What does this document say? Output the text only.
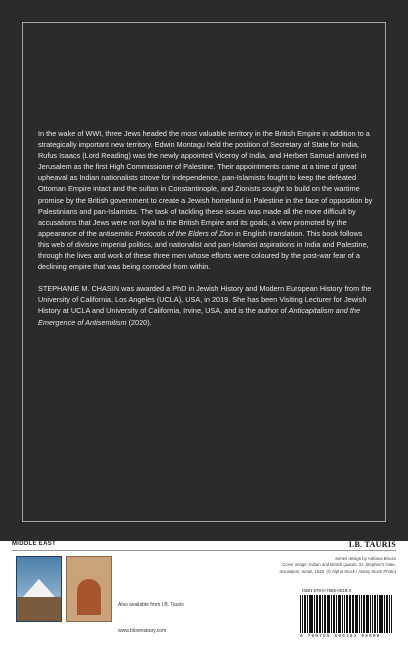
In the wake of WWI, three Jews headed the most valuable territory in the British Empire in addition to a strategically important new territory. Edwin Montagu held the position of Secretary of State for India, Rufus Isaacs (Lord Reading) was the newly appointed Viceroy of India, and Herbert Samuel arrived in Jerusalem as the first High Commissioner of Palestine. Their appointments came at a time of great upheaval as Indian nationalists strove for independence, pan-Islamists fought to keep the defeated Ottoman Empire intact and the sultan in Constantinople, and Zionists sought to build on the wartime promise by the British government to create a Jewish homeland in Palestine in the face of opposition by Palestinians and pan-Islamists. The task of tackling these issues was made all the more difficult by accusations that Jews were not loyal to the British Empire and its goals, a view promoted by the appearance of the antisemitic Protocols of the Elders of Zion in English translation. This book follows this web of divisive imperial politics, and nationalist and pan-Islamist aspirations in India and Palestine, through the lives and work of these three men whose efforts were coloured by the post-war fear of a declining empire that was being corroded from within.

STEPHANIE M. CHASIN was awarded a PhD in Jewish History and Modern European History from the University of California, Los Angeles (UCLA), USA, in 2019. She has been Visiting Lecturer for Jewish History at UCLA and University of California, Irvine, USA, and is the author of Anticapitalism and the Emergence of Antisemitism (2020).

MIDDLE EAST	I.B. TAURIS
Also available from I.B. Tauris
www.bloomsbury.com
Series design by Adriana Brioso
Cover image: Indian and British guards, St. Stephen's Gate,
Jerusalem, Israel, 1920. (© Alpha Stock / Alamy Stock Photo)
ISBN 978-0-7556-0018-3
9 780755 600183 90000
